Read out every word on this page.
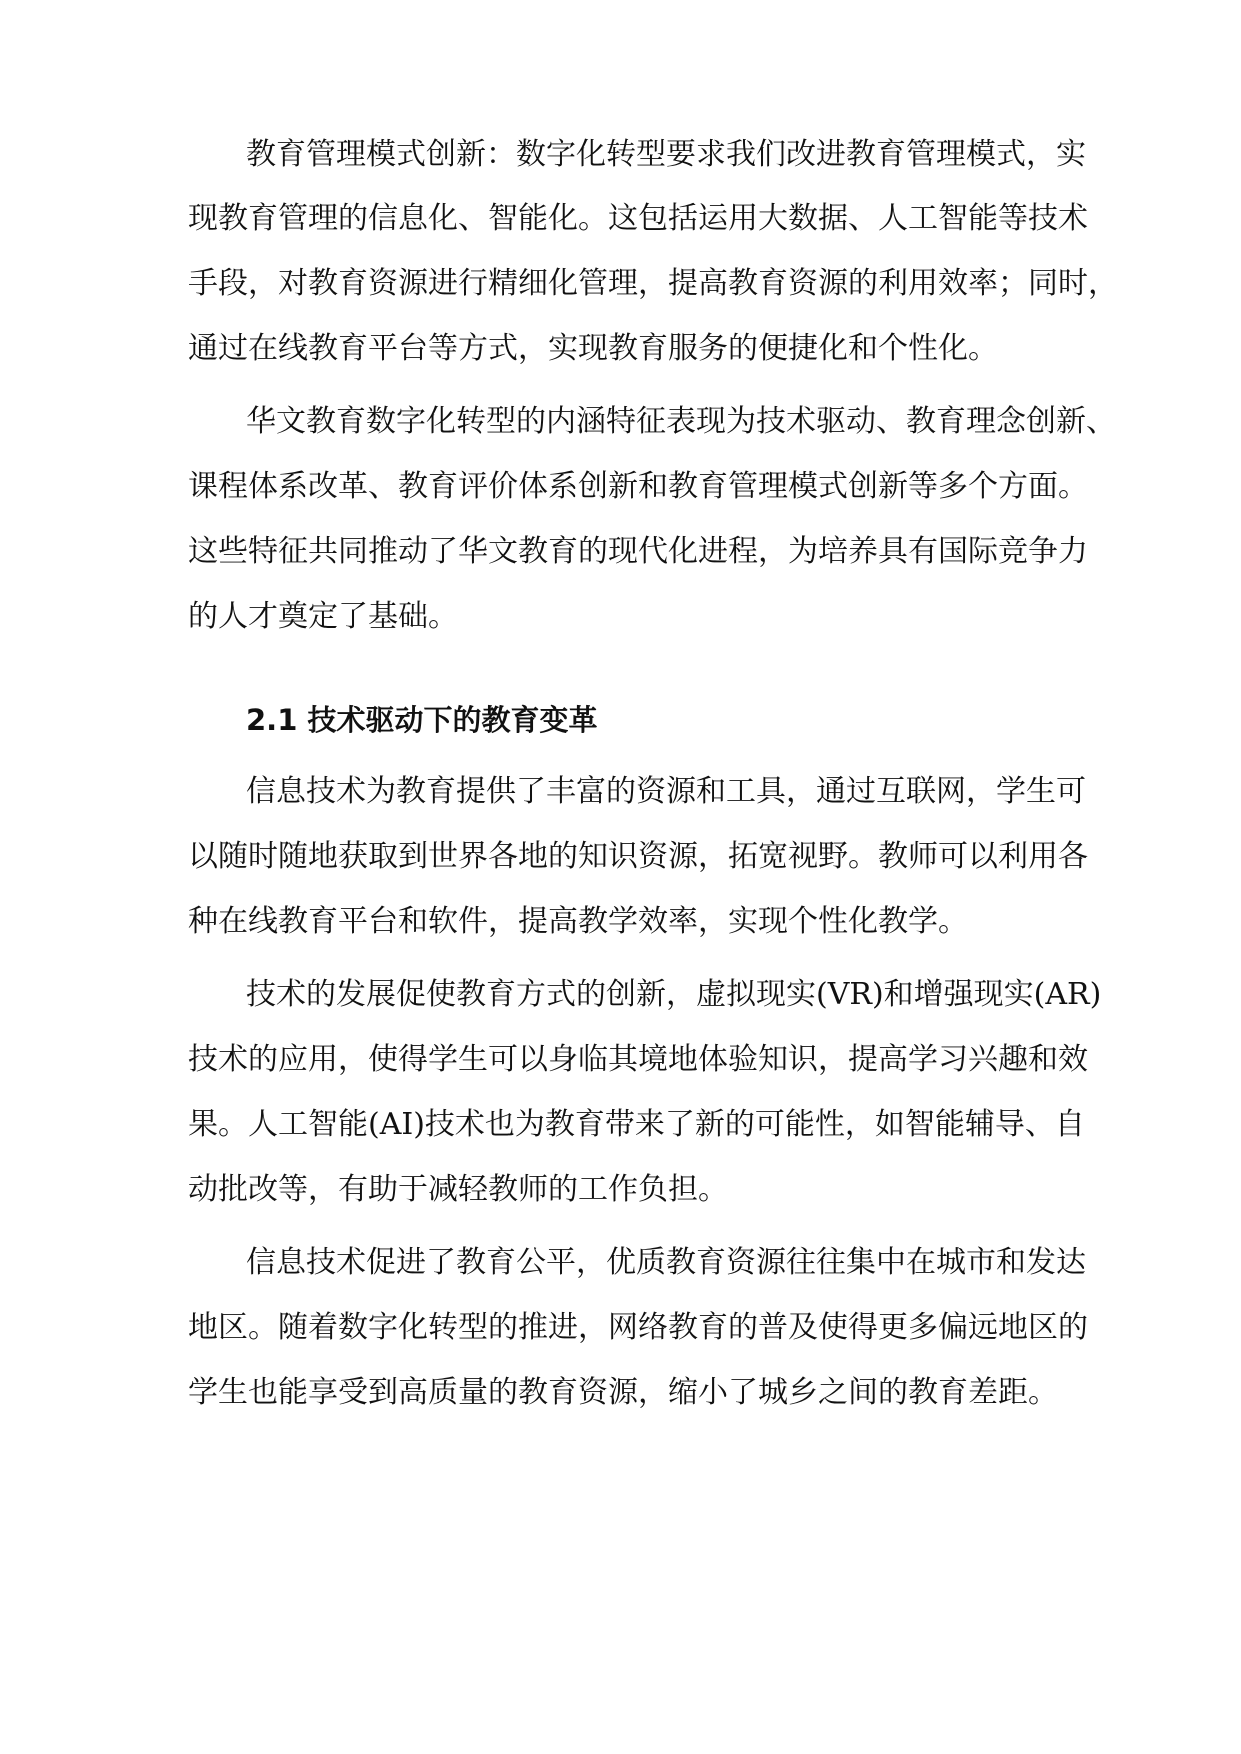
教育管理模式创新：数字化转型要求我们改进教育管理模式，实

现教育管理的信息化、智能化。这包括运用大数据、人工智能等技术

手段，对教育资源进行精细化管理，提高教育资源的利用效率；同时，

通过在线教育平台等方式，实现教育服务的便捷化和个性化。

华文教育数字化转型的内涵特征表现为技术驱动、教育理念创新、

课程体系改革、教育评价体系创新和教育管理模式创新等多个方面。

这些特征共同推动了华文教育的现代化进程，为培养具有国际竞争力

的人才奠定了基础。

2.1 技术驱动下的教育变革

信息技术为教育提供了丰富的资源和工具，通过互联网，学生可

以随时随地获取到世界各地的知识资源，拓宽视野。教师可以利用各

种在线教育平台和软件，提高教学效率，实现个性化教学。

技术的发展促使教育方式的创新，虚拟现实(VR)和增强现实(AR)

技术的应用，使得学生可以身临其境地体验知识，提高学习兴趣和效

果。人工智能(AI)技术也为教育带来了新的可能性，如智能辅导、自

动批改等，有助于减轻教师的工作负担。

信息技术促进了教育公平，优质教育资源往往集中在城市和发达

地区。随着数字化转型的推进，网络教育的普及使得更多偏远地区的

学生也能享受到高质量的教育资源，缩小了城乡之间的教育差距。
